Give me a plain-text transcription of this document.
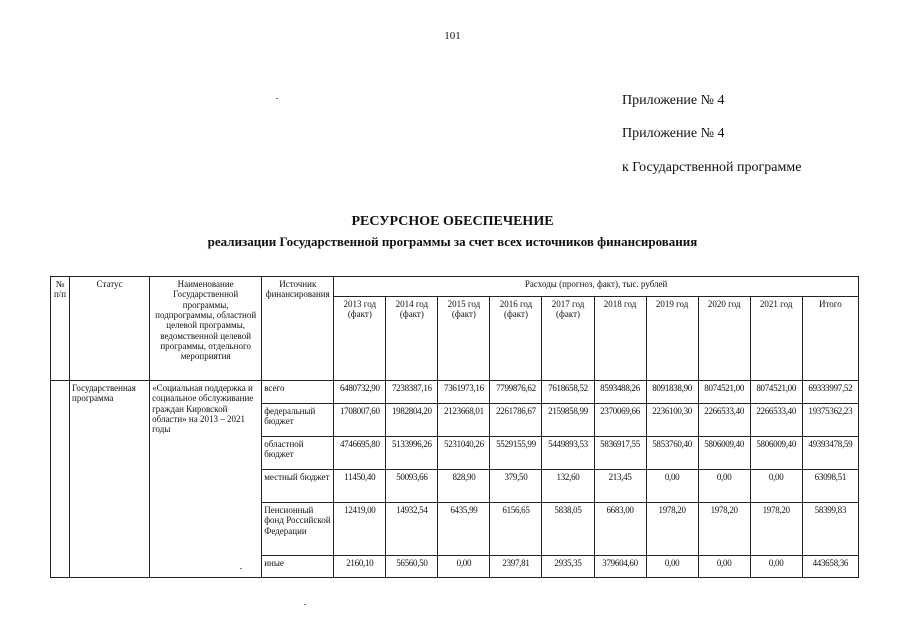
101
Приложение № 4
Приложение № 4
к Государственной программе
РЕСУРСНОЕ ОБЕСПЕЧЕНИЕ
реализации Государственной программы за счет всех источников финансирования
№ п/п	Статус	Наименование Государственной программы, подпрограммы, областной целевой программы, ведомственной целевой программы, отдельного мероприятия	Источник финансирования	Расходы (прогноз, факт), тыс. рублей									
				2013 год (факт)	2014 год (факт)	2015 год (факт)	2016 год (факт)	2017 год (факт)	2018 год	2019 год	2020 год	2021 год	Итого
	Государственная программа	«Социальная поддержка и социальное обслуживание граждан Кировской области» на 2013 – 2021 годы	всего	6480732,90	7238387,16	7361973,16	7799876,62	7618658,52	8593488,26	8091838,90	8074521,00	8074521,00	69333997,52
			федеральный бюджет	1708007,60	1982804,20	2123668,01	2261786,67	2159858,99	2370069,66	2236100,30	2266533,40	2266533,40	19375362,23
			областной бюджет	4746695,80	5133996,26	5231040,26	5529155,99	5449893,53	5836917,55	5853760,40	5806009,40	5806009,40	49393478,59
			местный бюджет	11450,40	50093,66	828,90	379,50	132,60	213,45	0,00	0,00	0,00	63098,51
			Пенсионный фонд Российской Федерации	12419,00	14932,54	6435,99	6156,65	5838,05	6683,00	1978,20	1978,20	1978,20	58399,83
			иные	2160,10	56560,50	0,00	2397,81	2935,35	379604,60	0,00	0,00	0,00	443658,36
